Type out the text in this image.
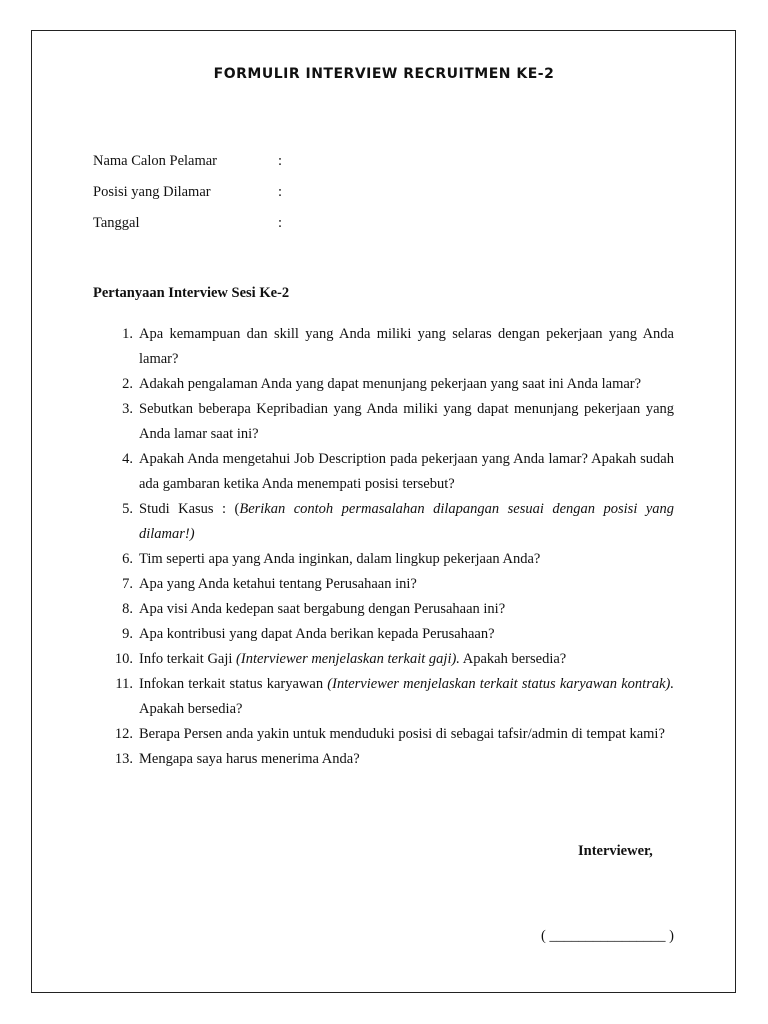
FORMULIR INTERVIEW RECRUITMEN KE-2
Nama Calon Pelamar	:
Posisi yang Dilamar	:
Tanggal	:
Pertanyaan Interview Sesi Ke-2
1. Apa kemampuan dan skill yang Anda miliki yang selaras dengan pekerjaan yang Anda lamar?
2. Adakah pengalaman Anda yang dapat menunjang pekerjaan yang saat ini Anda lamar?
3. Sebutkan beberapa Kepribadian yang Anda miliki yang dapat menunjang pekerjaan yang Anda lamar saat ini?
4. Apakah Anda mengetahui Job Description pada pekerjaan yang Anda lamar? Apakah sudah ada gambaran ketika Anda menempati posisi tersebut?
5. Studi Kasus : (Berikan contoh permasalahan dilapangan sesuai dengan posisi yang dilamar!)
6. Tim seperti apa yang Anda inginkan, dalam lingkup pekerjaan Anda?
7. Apa yang Anda ketahui tentang Perusahaan ini?
8. Apa visi Anda kedepan saat bergabung dengan Perusahaan ini?
9. Apa kontribusi yang dapat Anda berikan kepada Perusahaan?
10. Info terkait Gaji (Interviewer menjelaskan terkait gaji). Apakah bersedia?
11. Infokan terkait status karyawan (Interviewer menjelaskan terkait status karyawan kontrak). Apakah bersedia?
12. Berapa Persen anda yakin untuk menduduki posisi di sebagai tafsir/admin di tempat kami?
13. Mengapa saya harus menerima Anda?
Interviewer,
( ________________ )
